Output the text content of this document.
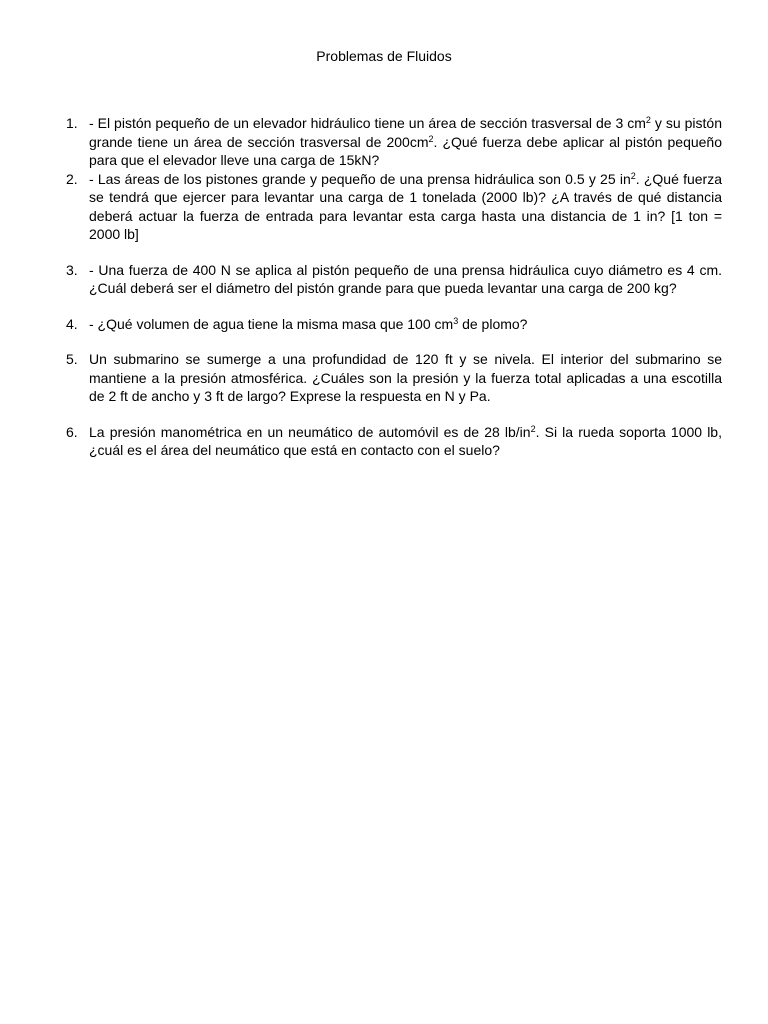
Problemas de Fluidos
1. - El pistón pequeño de un elevador hidráulico tiene un área de sección trasversal de 3 $cm^2$ y su pistón grande tiene un área de sección trasversal de $200cm^2$. ¿Qué fuerza debe aplicar al pistón pequeño para que el elevador lleve una carga de 15kN?
2. - Las áreas de los pistones grande y pequeño de una prensa hidráulica son 0.5 y 25 $in^2$. ¿Qué fuerza se tendrá que ejercer para levantar una carga de 1 tonelada (2000 lb)? ¿A través de qué distancia deberá actuar la fuerza de entrada para levantar esta carga hasta una distancia de 1 in? [1 ton = 2000 lb]
3. - Una fuerza de 400 N se aplica al pistón pequeño de una prensa hidráulica cuyo diámetro es 4 cm. ¿Cuál deberá ser el diámetro del pistón grande para que pueda levantar una carga de 200 kg?
4. - ¿Qué volumen de agua tiene la misma masa que 100 $cm^3$ de plomo?
5. Un submarino se sumerge a una profundidad de 120 ft y se nivela. El interior del submarino se mantiene a la presión atmosférica. ¿Cuáles son la presión y la fuerza total aplicadas a una escotilla de 2 ft de ancho y 3 ft de largo? Exprese la respuesta en N y Pa.
6. La presión manométrica en un neumático de automóvil es de 28 $lb/in^2$. Si la rueda soporta 1000 lb, ¿cuál es el área del neumático que está en contacto con el suelo?
